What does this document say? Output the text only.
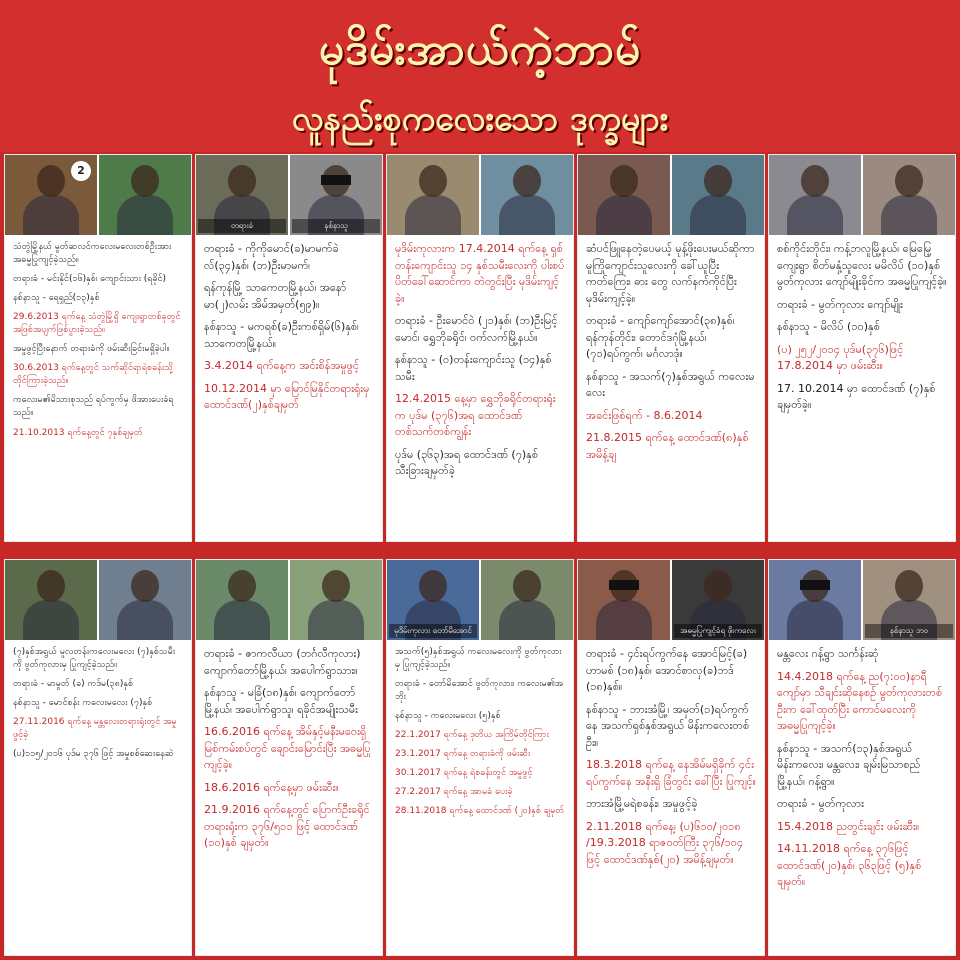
မုဒိမ်းအာယ်ကဲ့ဘာမ်
လူနည်းစုကလေးသော ဒုက္ခများ
2

သံတွဲမြို့နယ် မွတ်ဆလင်ကလေးမလေးတစ်ဦးအား အဓမ္မပြုကျင့်ခဲ့သည်။

တရားခံ - မင်းနိုင်(၁၆)နှစ်၊ ကျောင်းသား (ရခိုင်)

နစ်နာသူ - ရေရှည်(၁၃)နှစ်

29.6.2013 ရက်နေ့ သံတွဲမြို့ရှိ ကျေးရွာတစ်ခုတွင် အဖြစ်အပျက်ဖြစ်ပွားခဲ့သည်။

အမှုဖွင့်ပြီးနောက် တရားခံကို ဖမ်းဆီးခြင်းမရှိခဲ့ပါ။

30.6.2013 ရက်နေ့တွင် သက်ဆိုင်ရာရဲစခန်းသို့ တိုင်ကြားခဲ့သည်။

ကလေးမ၏မိသားစုသည် ရပ်ကွက်မှ ဖိအားပေးခံရသည်။

21.10.2013 ရက်နေ့တွင် ၇နှစ်ချမှတ်

တရားခံ	နစ်နာသူ

တရားခံ - ကိုကိုမောင်(ခ)မာမက်ခဲလ်(၃၄)နှစ်၊ (ဘ)ဦးမာမက်၊

ရန်ကုန်မြို့ သာကေတမြို့နယ်၊ အနော်မာ(၂)လမ်း အိမ်အမှတ်(၅၉)။

နစ်နာသူ - မကရစ်(ခ)ဦးကစ်ရှိမ်(၆)နှစ်၊ သာကေတမြို့နယ်။

3.4.2014 ရက်နေ့က အင်းစိန်အမှုဖွင့်

10.12.2014 မှာ မြောင်မြနိုင်တရားရုံးမှ ထောင်ဒဏ်(၂)နှစ်ချမှတ်

မုဒိမ်းကုလားက 17.4.2014 ရက်နေ့ ရှစ်တန်းကျောင်းသူ ၁၄ နှစ်သမီးလေးကို ပါးစပ်ပိတ်ခေါ်ဆောင်ကာ တဲတွင်းပြီး မုဒိမ်းကျင့်ခဲ့။

တရားခံ - ဦးမောင်ဝဲ (၂၁)နှစ်၊ (ဘ)ဦးမြင့်မောင်၊ ရွှေဘိုခရိုင်၊ ဝက်လက်မြို့နယ်။

နစ်နာသူ - (ဝ)တန်းကျောင်းသူ (၁၄)နှစ်သမီး

12.4.2015 နေ့မှာ ရွှေဘိုခရိုင်တရားရုံးက ပုဒ်မ (၃၇၆)အရ ထောင်ဒဏ် တစ်သက်တစ်ကျွန်း

ပုဒ်မ (၃၆၃)အရ ထောင်ဒဏ် (၇)နှစ် သီးခြားချမှတ်ခဲ့

ဆံပင်ဖြူနေတဲ့ပေမယ့် မုန့်ဖိုးပေးမယ်ဆိုကာ မူကြိုကျောင်းသူလေးကို ခေါ်ယူပြီး ကတ်ကြေး၊ ဓား တွေ လက်နက်ကိုင်ပြီး မုဒိမ်းကျင့်ခဲ့။

တရားခံ - ကျော်ကျော်အောင်(၃၈)နှစ်၊ ရန်ကုန်တိုင်း၊ တောင်ဒဂုံမြို့နယ်၊ (၇၁)ရပ်ကွက်၊ မင်္ဂလာဒုံ။

နစ်နာသူ - အသက်(၇)နှစ်အရွယ် ကလေးမလေး

အခင်းဖြစ်ရက် - 8.6.2014

21.8.2015 ရက်နေ့ ထောင်ဒဏ်(၈)နှစ် အမိန့်ချ

စစ်ကိုင်းတိုင်း၊ ကန့်ဘလူမြို့နယ်၊ မြေမြေ့ကျေးရွာ စိတ်မနှံ့သူလေး မမိလိပ် (၁၀)နှစ် မွတ်ကုလား ကျော်မျိုးခိုင်က အဓမ္မပြုကျင့်ခဲ့။

တရားခံ - မွတ်ကုလား ကျော်မျိုး

နစ်နာသူ - မိလိပ် (၁၀)နှစ်

(ပ) ၂၅၂/၂၀၁၄ ပုဒ်မ(၃၇၆)ဖြင့် 17.8.2014 မှာ ဖမ်းဆီး။

17. 10.2014 မှာ ထောင်ဒဏ် (၇)နှစ် ချမှတ်ခဲ့။

(၇)နှစ်အရွယ် မူလတန်းကလေးမလေး (၇)နှစ်သမီးကို ဗွတ်ကုလားမှ ပြုကျင့်ခဲ့သည်။

တရားခံ - မာမွတ် (ခ) ကဒ်မ(၃၈)နှစ်

နစ်နာသူ - မောင်စန်း ကလေးမလေး (၇)နှစ်

27.11.2016 ရက်နေ့ မန္တလေးတရားရုံးတွင် အမှုဖွင့်ခဲ့

(ပ)၁၁၅/၂၀၁၆ ပုဒ်မ ၃၇၆ ဖြင့် အမှုစစ်ဆေးနေဆဲ

တရားခံ - ဇာကလီယာ (ဘင်္ဂလီကုလား) ကျောက်တော်မြို့နယ်၊ အပေါက်ရွာသား။

နစ်နာသူ - မခြံ(၁၈)နှစ်၊ ကျောက်တော်မြို့နယ်၊ အပေါက်ရွာသူ၊ ရခိုင်အမျိုးသမီး

16.6.2016 ရက်နေ့ အိမ်နှင့်မနီးမဝေးရှိ မြစ်ကမ်းစပ်တွင် ချောင်းမြောင်းပြီး အဓမ္မပြုကျင့်ခဲ့။

18.6.2016 ရက်နေ့မှာ ဖမ်းဆီး။

21.9.2016 ရက်နေ့တွင် ပြောက်ဦးခရိုင်တရားရုံးက ၃၇၆/၅၁၁ ဖြင့် ထောင်ဒဏ် (၁၀)နှစ် ချမှတ်။

မုဒိမ်းကုလား တော်မိအောင်

အသက်(၅)နှစ်အရွယ် ကလေးမလေးကို ဗွတ်ကုလားမှ ပြုကျင့်ခဲ့သည်။

တရားခံ - တော်မိအောင် ဗွတ်ကုလား၊ ကလေးမ၏အဘိုး

နစ်နာသူ - ကလေးမလေး (၅)နှစ်

22.1.2017 ရက်နေ့ ဒုတိယ အကြိမ်တိုင်ကြား

23.1.2017 ရက်နေ့ တရားခံကို ဖမ်းဆီး

30.1.2017 ရက်နေ့ ရဲစခန်းတွင် အမှုဖွင့်

27.2.2017 ရက်နေ့ အာမခံ ပေးခဲ့

28.11.2018 ရက်နေ့ ထောင်ဒဏ် (၂၀)နှစ် ချမှတ်

အဓမ္မပြုကျင့်ခံရ ဖိုးကလေး

တရားခံ - ၄င်းရပ်ကွက်နေ အောင်မြင့်(ခ) ဟာမစ် (၁၈)နှစ်၊ အောင်စာလှ(ခ)ဘဒ် (၁၈)နှစ်။

နစ်နာသူ - ဘားအံမြို့၊ အမှတ်(၁)ရပ်ကွက်နေ အသက်ရှစ်နှစ်အရွယ် မိန်းကလေးတစ်ဦး။

18.3.2018 ရက်နေ့ နေအိမ်မရှိခိုက် ၄င်းရပ်ကွက်နေ အနီးရှိ ခြံတွင်း ခေါ်ပြီး ပြုကျင့်။

ဘားအံမြို့မရဲစခန်း၊ အမှုဖွင့်ခဲ့

2.11.2018 ရက်နေ့၊ (ပ)၆၁၀/၂၀၁၈ /19.3.2018 ရာဇဝတ်ကြီး ၃၇၆/၁၀၄ ဖြင့် ထောင်ဒဏ်နှစ်(၂၀) အမိန့်ချမှတ်။

နစ်နာသူ ဘဝ

မန္တလေး ဂန့်ရွာ သင်္ကန်းဆုံ

14.4.2018 ရက်နေ့ ည(၇:၀၀)နာရီကျော်မှာ သီချင်းဆိုနေစဉ် မွတ်ကုလားတစ်ဦးက ခေါ်ထုတ်ပြီး ကောင်မလေးကို အဓမ္မပြုကျင့်ခဲ့။

နစ်နာသူ - အသက်(၁၃)နှစ်အရွယ် မိန်းကလေး၊ မန္တလေး၊ ချမ်းမြသာစည်မြို့နယ်၊ ဂန့်ရွာ။

တရားခံ - မွတ်ကုလား

15.4.2018 ညတွင်းချင်း ဖမ်းဆီး။

14.11.2018 ရက်နေ့ ၃၇၆ဖြင့် ထောင်ဒဏ်(၂၀)နှစ်၊ ၃၆၃ဖြင့် (၅)နှစ် ချမှတ်။
